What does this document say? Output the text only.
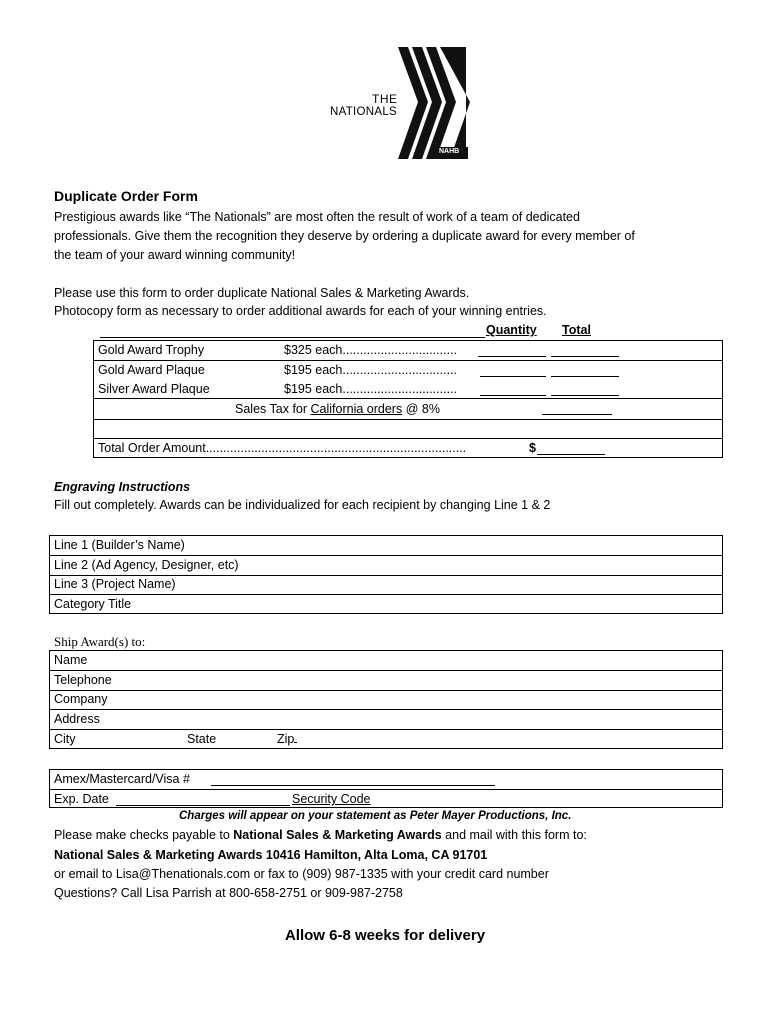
THE
NATIONALS
NAHB
Duplicate Order Form
Prestigious awards like “The Nationals” are most often the result of work of a team of dedicated
professionals. Give them the recognition they deserve by ordering a duplicate award for every member of
the team of your award winning community!
Please use this form to order duplicate National Sales & Marketing Awards.
Photocopy form as necessary to order additional awards for each of your winning entries.
Quantity Total
Gold Award Trophy	$325 each.................................
Gold Award Plaque	$195 each.................................
Silver Award Plaque	$195 each.................................
Sales Tax for California orders @ 8%
Total Order Amount...........................................................................	$
Engraving Instructions
Fill out completely. Awards can be individualized for each recipient by changing Line 1 & 2
Line 1 (Builder’s Name)
Line 2 (Ad Agency, Designer, etc)
Line 3 (Project Name)
Category Title
Ship Award(s) to:
Name
Telephone
Company
Address
City	State	Zip
Amex/Mastercard/Visa #
Exp. Date	Security Code
Charges will appear on your statement as Peter Mayer Productions, Inc.
Please make checks payable to National Sales & Marketing Awards and mail with this form to:
National Sales & Marketing Awards 10416 Hamilton, Alta Loma, CA 91701
or email to Lisa@Thenationals.com or fax to (909) 987-1335 with your credit card number
Questions? Call Lisa Parrish at 800-658-2751 or 909-987-2758
Allow 6-8 weeks for delivery
